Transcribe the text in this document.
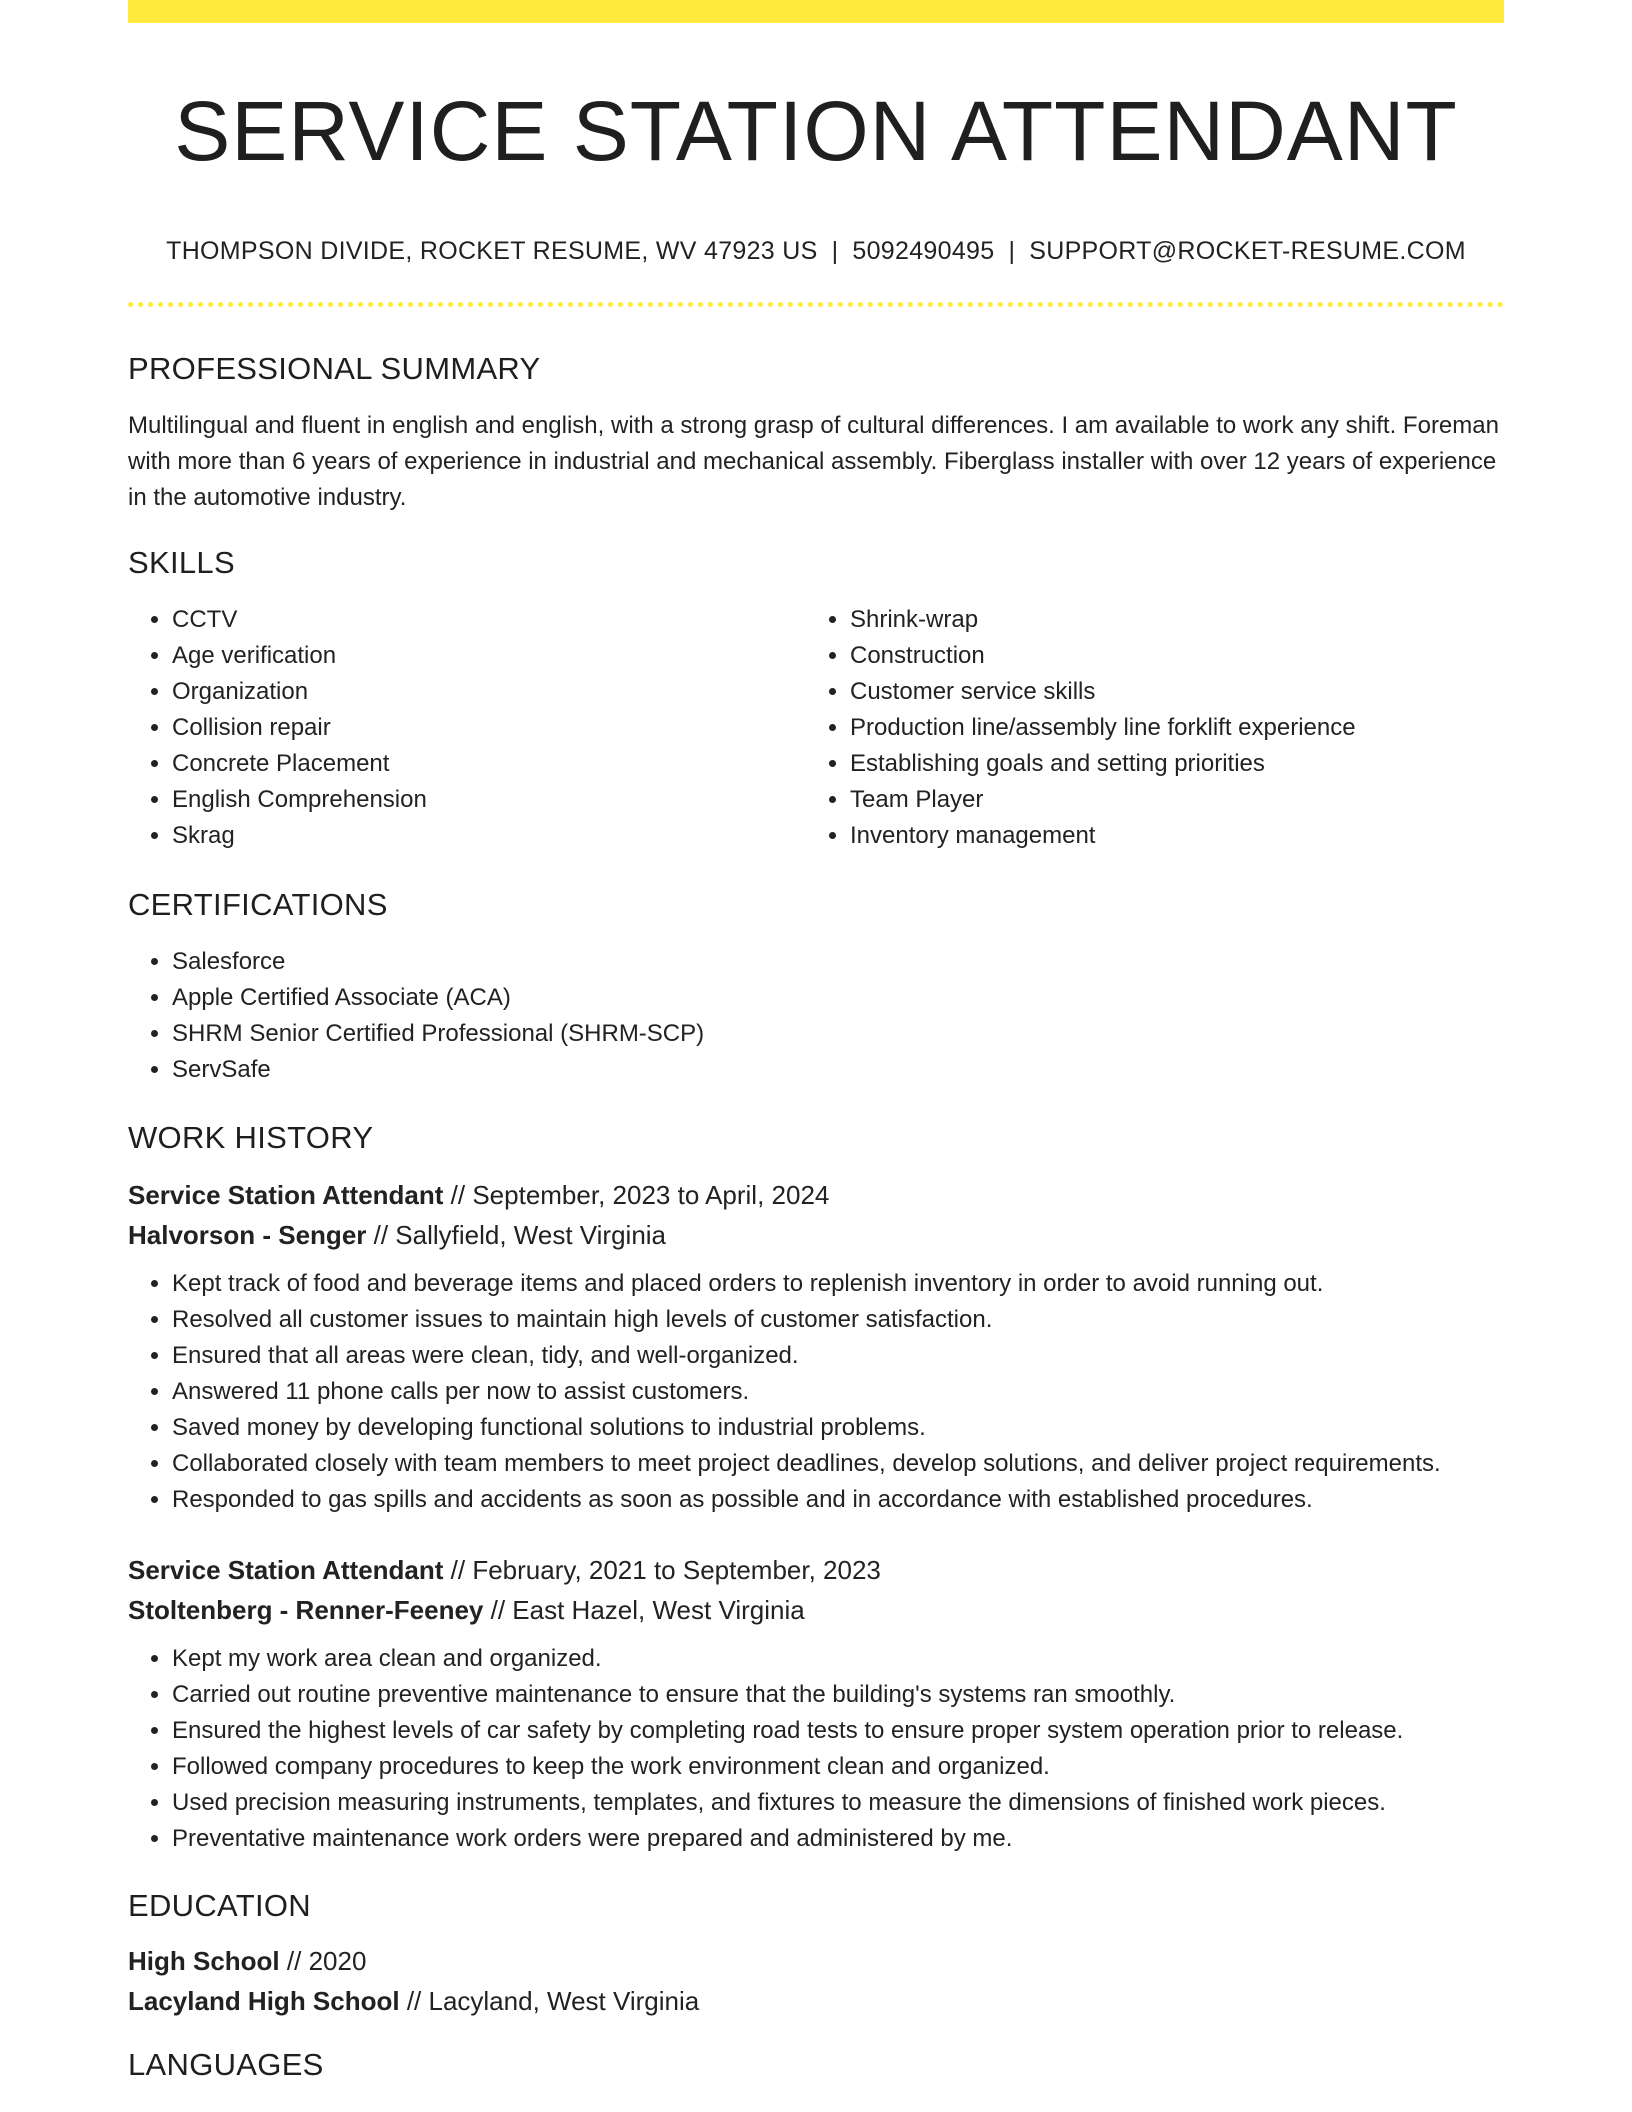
SERVICE STATION ATTENDANT
THOMPSON DIVIDE, ROCKET RESUME, WV 47923 US | 5092490495 | SUPPORT@ROCKET-RESUME.COM
PROFESSIONAL SUMMARY

Multilingual and fluent in english and english, with a strong grasp of cultural differences. I am available to work any shift. Foreman with more than 6 years of experience in industrial and mechanical assembly. Fiberglass installer with over 12 years of experience in the automotive industry.

SKILLS
• CCTV
• Age verification
• Organization
• Collision repair
• Concrete Placement
• English Comprehension
• Skrag
• Shrink-wrap
• Construction
• Customer service skills
• Production line/assembly line forklift experience
• Establishing goals and setting priorities
• Team Player
• Inventory management
CERTIFICATIONS
• Salesforce
• Apple Certified Associate (ACA)
• SHRM Senior Certified Professional (SHRM-SCP)
• ServSafe
WORK HISTORY
Service Station Attendant // September, 2023 to April, 2024
Halvorson - Senger // Sallyfield, West Virginia
• Kept track of food and beverage items and placed orders to replenish inventory in order to avoid running out.
• Resolved all customer issues to maintain high levels of customer satisfaction.
• Ensured that all areas were clean, tidy, and well-organized.
• Answered 11 phone calls per now to assist customers.
• Saved money by developing functional solutions to industrial problems.
• Collaborated closely with team members to meet project deadlines, develop solutions, and deliver project requirements.
• Responded to gas spills and accidents as soon as possible and in accordance with established procedures.
Service Station Attendant // February, 2021 to September, 2023
Stoltenberg - Renner-Feeney // East Hazel, West Virginia
• Kept my work area clean and organized.
• Carried out routine preventive maintenance to ensure that the building's systems ran smoothly.
• Ensured the highest levels of car safety by completing road tests to ensure proper system operation prior to release.
• Followed company procedures to keep the work environment clean and organized.
• Used precision measuring instruments, templates, and fixtures to measure the dimensions of finished work pieces.
• Preventative maintenance work orders were prepared and administered by me.
EDUCATION
High School // 2020
Lacyland High School // Lacyland, West Virginia
LANGUAGES
